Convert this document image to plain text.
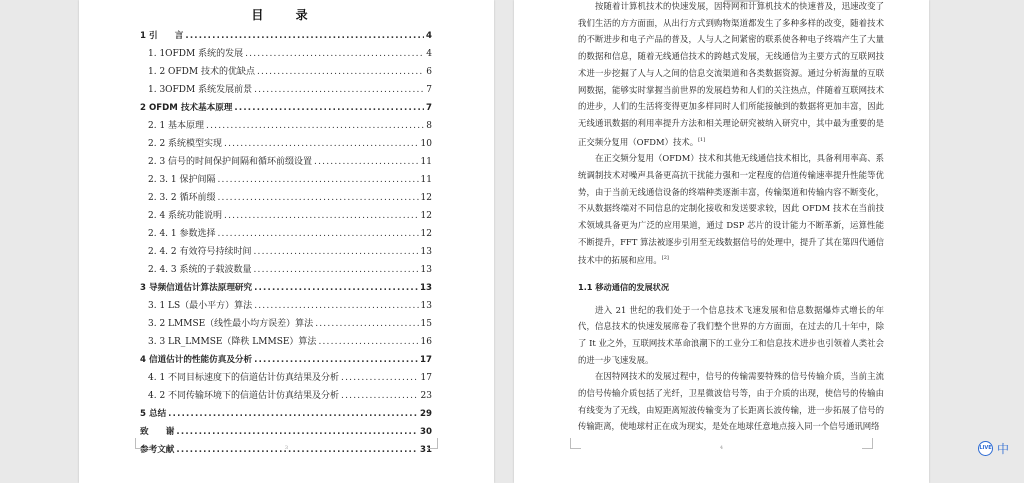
目 录
1 引　　言 .....	4
1. 1OFDM 系统的发展 .....	4
1. 2 OFDM 技术的优缺点 .....	6
1. 3OFDM 系统发展前景 .....	7
2 OFDM 技术基本原理 .....	7
2. 1 基本原理 .....	8
2. 2 系统模型实现 .....	10
2. 3 信号的时间保护间隔和循环前缀设置 .....	11
2. 3. 1 保护间隔 .....	11
2. 3. 2 循环前缀 .....	12
2. 4 系统功能说明 .....	12
2. 4. 1 参数选择 .....	12
2. 4. 2 有效符号持续时间 .....	13
2. 4. 3 系统的子载波数量 .....	13
3 导频信道估计算法原理研究 .....	13
3. 1 LS（最小平方）算法 .....	13
3. 2 LMMSE（线性最小均方误差）算法 .....	15
3. 3 LR_LMMSE（降秩 LMMSE）算法 .....	16
4 信道估计的性能仿真及分析 .....	17
4. 1 不同目标速度下的信道估计仿真结果及分析 .....	17
4. 2 不同传输环境下的信道估计仿真结果及分析 .....	23
5 总结 .....	29
致　　谢 .....	30
参考文献 .....	31
3

按随着计算机技术的快速发展，因特网和计算机技术的快速普及，迅速改变了我们生活的方方面面，从出行方式到购物渠道都发生了多种多样的改变，随着技术的不断进步和电子产品的普及，人与人之间紧密的联系使各种电子终端产生了大量的数据和信息，随着无线通信技术的跨越式发展，无线通信为主要方式的互联网技术进一步挖掘了人与人之间的信息交流渠道和各类数据资源。通过分析海量的互联网数据，能够实时掌握当前世界的发展趋势和人们的关注热点，伴随着互联网技术的进步，人们的生活将变得更加多样同时人们所能接触到的数据将更加丰富，因此无线通讯数据的利用率提升方法和相关理论研究被纳入研究中，其中最为重要的是正交频分复用（OFDM）技术。[1]

在正交频分复用（OFDM）技术和其他无线通信技术相比，具备利用率高、系统调制技术对噪声具备更高抗干扰能力强和一定程度的信道传输速率提升性能等优势，由于当前无线通信设备的终端种类逐渐丰富，传输渠道和传输内容不断变化，不从数据终端对不同信息的定制化接收和发送要求较，因此 OFDM 技术在当前技术领域具备更为广泛的应用果道，通过 DSP 芯片的设计能力不断革新，运算性能不断提升，FFT 算法被逐步引用至无线数据信号的处理中，提升了其在第四代通信技术中的拓展和应用。[2]

1.1 移动通信的发展状况

进入 21 世纪的我们处于一个信息技术飞速发展和信息数据爆炸式增长的年代，信息技术的快速发展席卷了我们整个世界的方方面面，在过去的几十年中，除了 It 业之外，互联网技术革命浪潮下的工业分工和信息技术进步也引领着人类社会的进一步飞速发展。

在因特网技术的发展过程中，信号的传输需要特殊的信号传输介质，当前主流的信号传输介质包括了光纤，卫星微波信号等，由于介质的出现，使信号的传输由有线变为了无线，由短距离短波传输变为了长距离长波传输，进一步拓展了信号的传输距离，使地球村正在成为现实，是处在地球任意地点接入同一个信号通讯网络

4	LIVE 中
